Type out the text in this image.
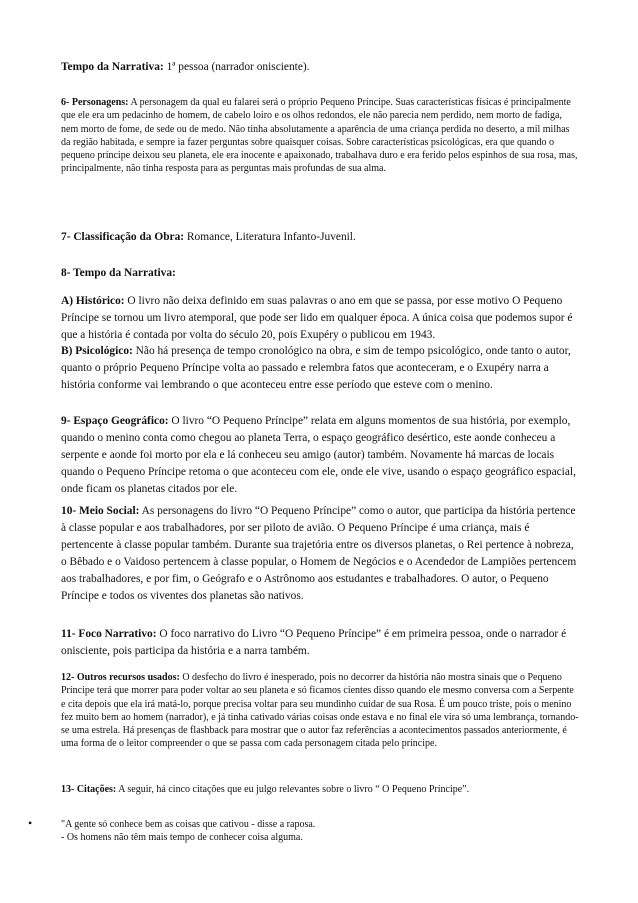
Tempo da Narrativa: 1ª pessoa (narrador onisciente).

6- Personagens: A personagem da qual eu falarei será o próprio Pequeno Príncipe. Suas características físicas é principalmente que ele era um pedacinho de homem, de cabelo loiro e os olhos redondos, ele não parecia nem perdido, nem morto de fadiga, nem morto de fome, de sede ou de medo. Não tinha absolutamente a aparência de uma criança perdida no deserto, a mil milhas da região habitada, e sempre ia fazer perguntas sobre quaisquer coisas. Sobre características psicológicas, era que quando o pequeno príncipe deixou seu planeta, ele era inocente e apaixonado, trabalhava duro e era ferido pelos espinhos de sua rosa, mas, principalmente, não tinha resposta para as perguntas mais profundas de sua alma.

7- Classificação da Obra: Romance, Literatura Infanto-Juvenil.

8- Tempo da Narrativa:

A) Histórico: O livro não deixa definido em suas palavras o ano em que se passa, por esse motivo O Pequeno Príncipe se tornou um livro atemporal, que pode ser lido em qualquer época. A única coisa que podemos supor é que a história é contada por volta do século 20, pois Exupéry o publicou em 1943.

B) Psicológico: Não há presença de tempo cronológico na obra, e sim de tempo psicológico, onde tanto o autor, quanto o próprio Pequeno Príncipe volta ao passado e relembra fatos que aconteceram, e o Exupéry narra a história conforme vai lembrando o que aconteceu entre esse período que esteve com o menino.

9- Espaço Geográfico: O livro “O Pequeno Príncipe” relata em alguns momentos de sua história, por exemplo, quando o menino conta como chegou ao planeta Terra, o espaço geográfico desértico, este aonde conheceu a serpente e aonde foi morto por ela e lá conheceu seu amigo (autor) também. Novamente há marcas de locais quando o Pequeno Príncipe retoma o que aconteceu com ele, onde ele vive, usando o espaço geográfico espacial, onde ficam os planetas citados por ele.

10- Meio Social: As personagens do livro “O Pequeno Príncipe” como o autor, que participa da história pertence à classe popular e aos trabalhadores, por ser piloto de avião. O Pequeno Príncipe é uma criança, mais é pertencente à classe popular também. Durante sua trajetória entre os diversos planetas, o Rei pertence à nobreza, o Bêbado e o Vaidoso pertencem à classe popular, o Homem de Negócios e o Acendedor de Lampiões pertencem aos trabalhadores, e por fim, o Geógrafo e o Astrônomo aos estudantes e trabalhadores. O autor, o Pequeno Príncipe e todos os viventes dos planetas são nativos.

11- Foco Narrativo: O foco narrativo do Livro “O Pequeno Príncipe” é em primeira pessoa, onde o narrador é onisciente, pois participa da história e a narra também.

12- Outros recursos usados: O desfecho do livro é inesperado, pois no decorrer da história não mostra sinais que o Pequeno Príncipe terá que morrer para poder voltar ao seu planeta e só ficamos cientes disso quando ele mesmo conversa com a Serpente e cita depois que ela irá matá-lo, porque precisa voltar para seu mundinho cuidar de sua Rosa. É um pouco triste, pois o menino fez muito bem ao homem (narrador), e já tinha cativado várias coisas onde estava e no final ele vira só uma lembrança, tornando-se uma estrela. Há presenças de flashback para mostrar que o autor faz referências a acontecimentos passados anteriormente, é uma forma de o leitor compreender o que se passa com cada personagem citada pelo príncipe.

13- Citações: A seguir, há cinco citações que eu julgo relevantes sobre o livro “ O Pequeno Príncipe”.

•	"A gente só conhece bem as coisas que cativou - disse a raposa.
- Os homens não têm mais tempo de conhecer coisa alguma.
